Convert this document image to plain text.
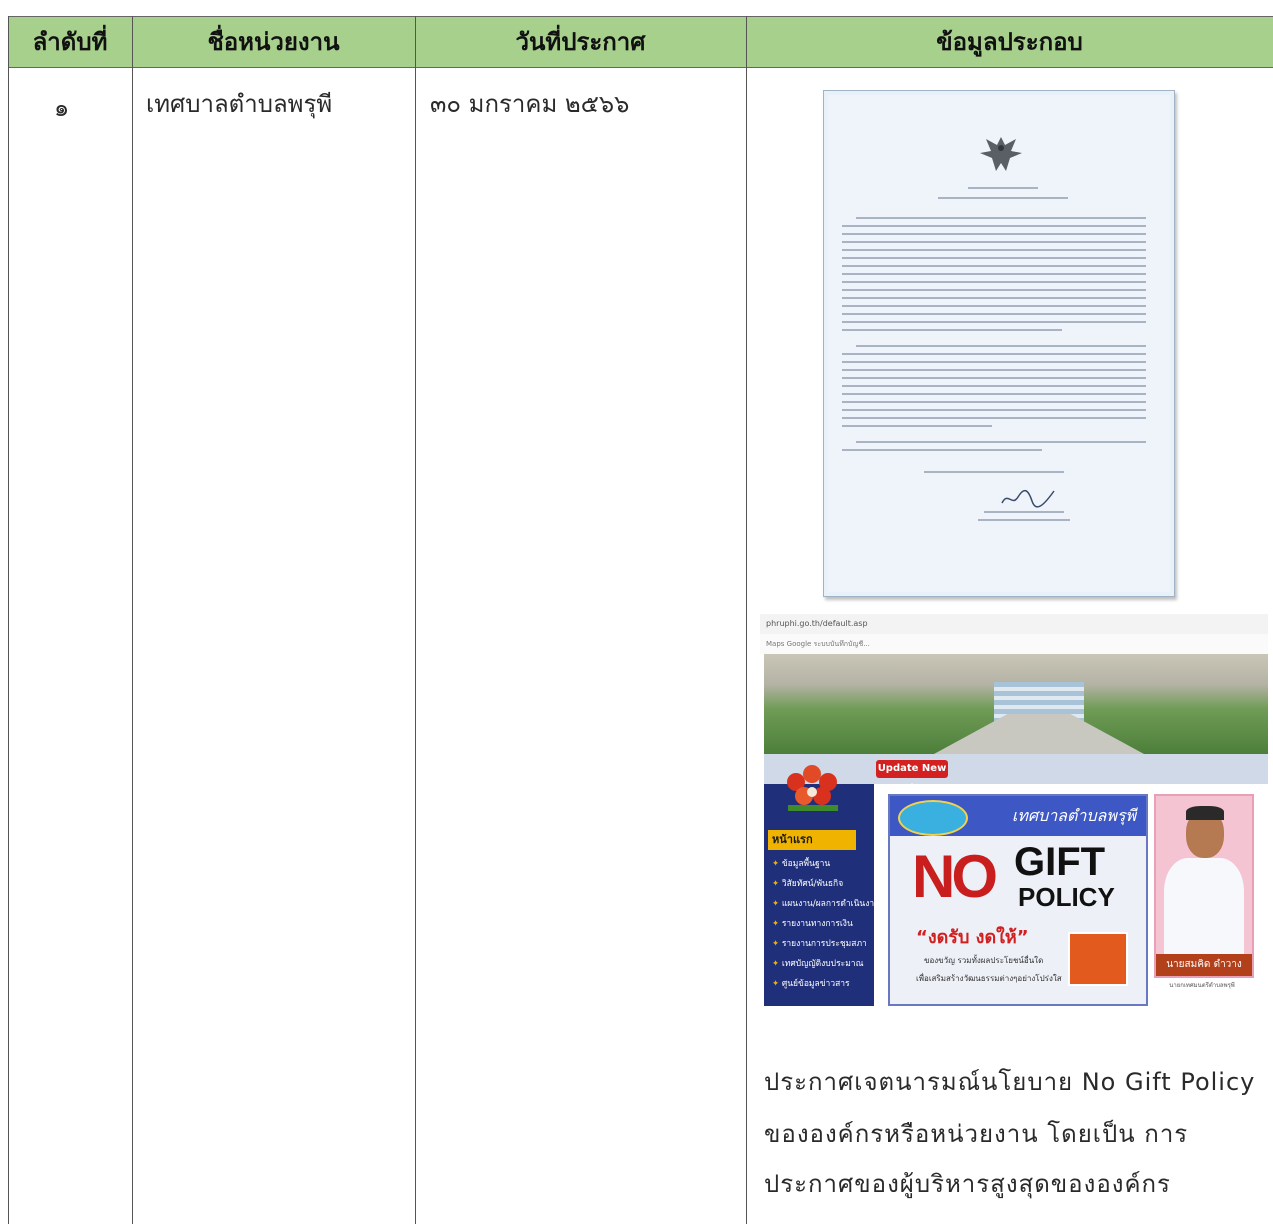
ลำดับที่	ชื่อหน่วยงาน	วันที่ประกาศ	ข้อมูลประกอบ
๑	เทศบาลตำบลพรุพี	๓๐ มกราคม ๒๕๖๖
phruphi.go.th/default.asp
Maps Google ระบบบันทึกบัญชี...
Update New :
หน้าแรก
✦ ข้อมูลพื้นฐาน
✦ วิสัยทัศน์/พันธกิจ
✦ แผนงาน/ผลการดำเนินงาน
✦ รายงานทางการเงิน
✦ รายงานการประชุมสภา
✦ เทศบัญญัติงบประมาณ
✦ ศูนย์ข้อมูลข่าวสาร
เทศบาลตำบลพรุพี
NO GIFT
POLICY
“งดรับ งดให้”
ของขวัญ รวมทั้งผลประโยชน์อื่นใด
เพื่อเสริมสร้างวัฒนธรรมต่างๆอย่างโปร่งใส
นายสมคิด ดำวาง
นายกเทศมนตรีตำบลพรุพี
ประกาศเจตนารมณ์นโยบาย No Gift Policy
ขององค์กรหรือหน่วยงาน โดยเป็น การ
ประกาศของผู้บริหารสูงสุดขององค์กร
